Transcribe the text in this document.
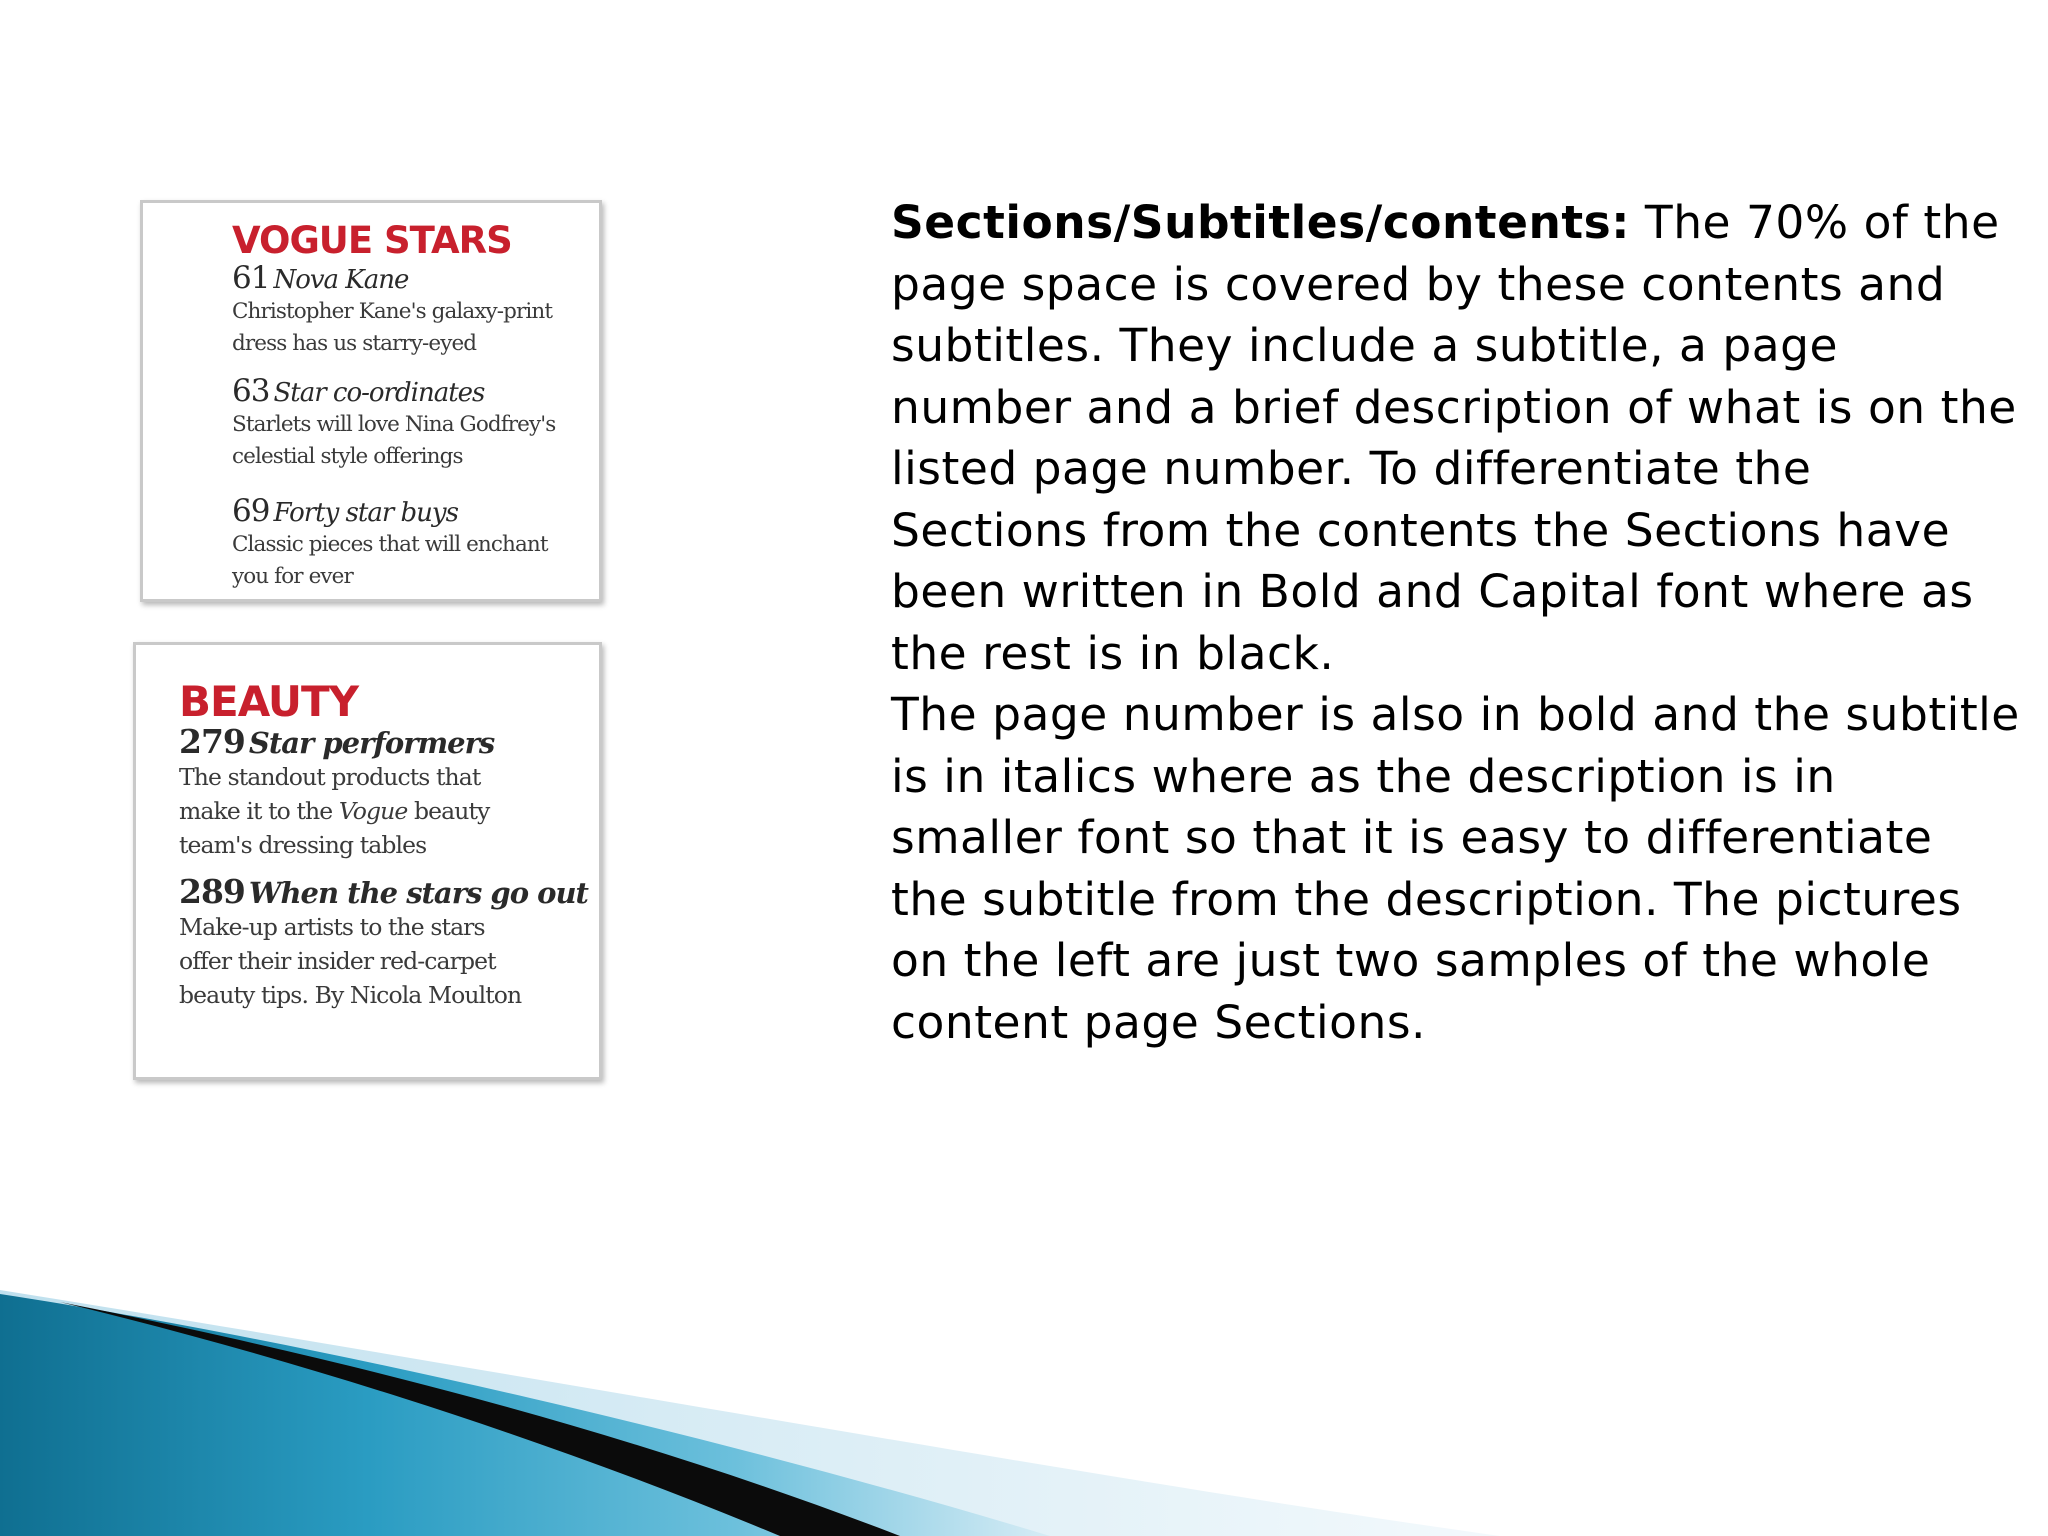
VOGUE STARS
61 Nova Kane
Christopher Kane's galaxy-print
dress has us starry-eyed
63 Star co-ordinates
Starlets will love Nina Godfrey's
celestial style offerings
69 Forty star buys
Classic pieces that will enchant
you for ever
BEAUTY
279 Star performers
The standout products that
make it to the Vogue beauty
team's dressing tables
289 When the stars go out
Make-up artists to the stars
offer their insider red-carpet
beauty tips. By Nicola Moulton

Sections/Subtitles/contents: The 70% of the page space is covered by these contents and subtitles. They include a subtitle, a page number and a brief description of what is on the listed page number. To differentiate the Sections from the contents the Sections have been written in Bold and Capital font where as the rest is in black.

The page number is also in bold and the subtitle is in italics where as the description is in smaller font so that it is easy to differentiate the subtitle from the description. The pictures on the left are just two samples of the whole content page Sections.
